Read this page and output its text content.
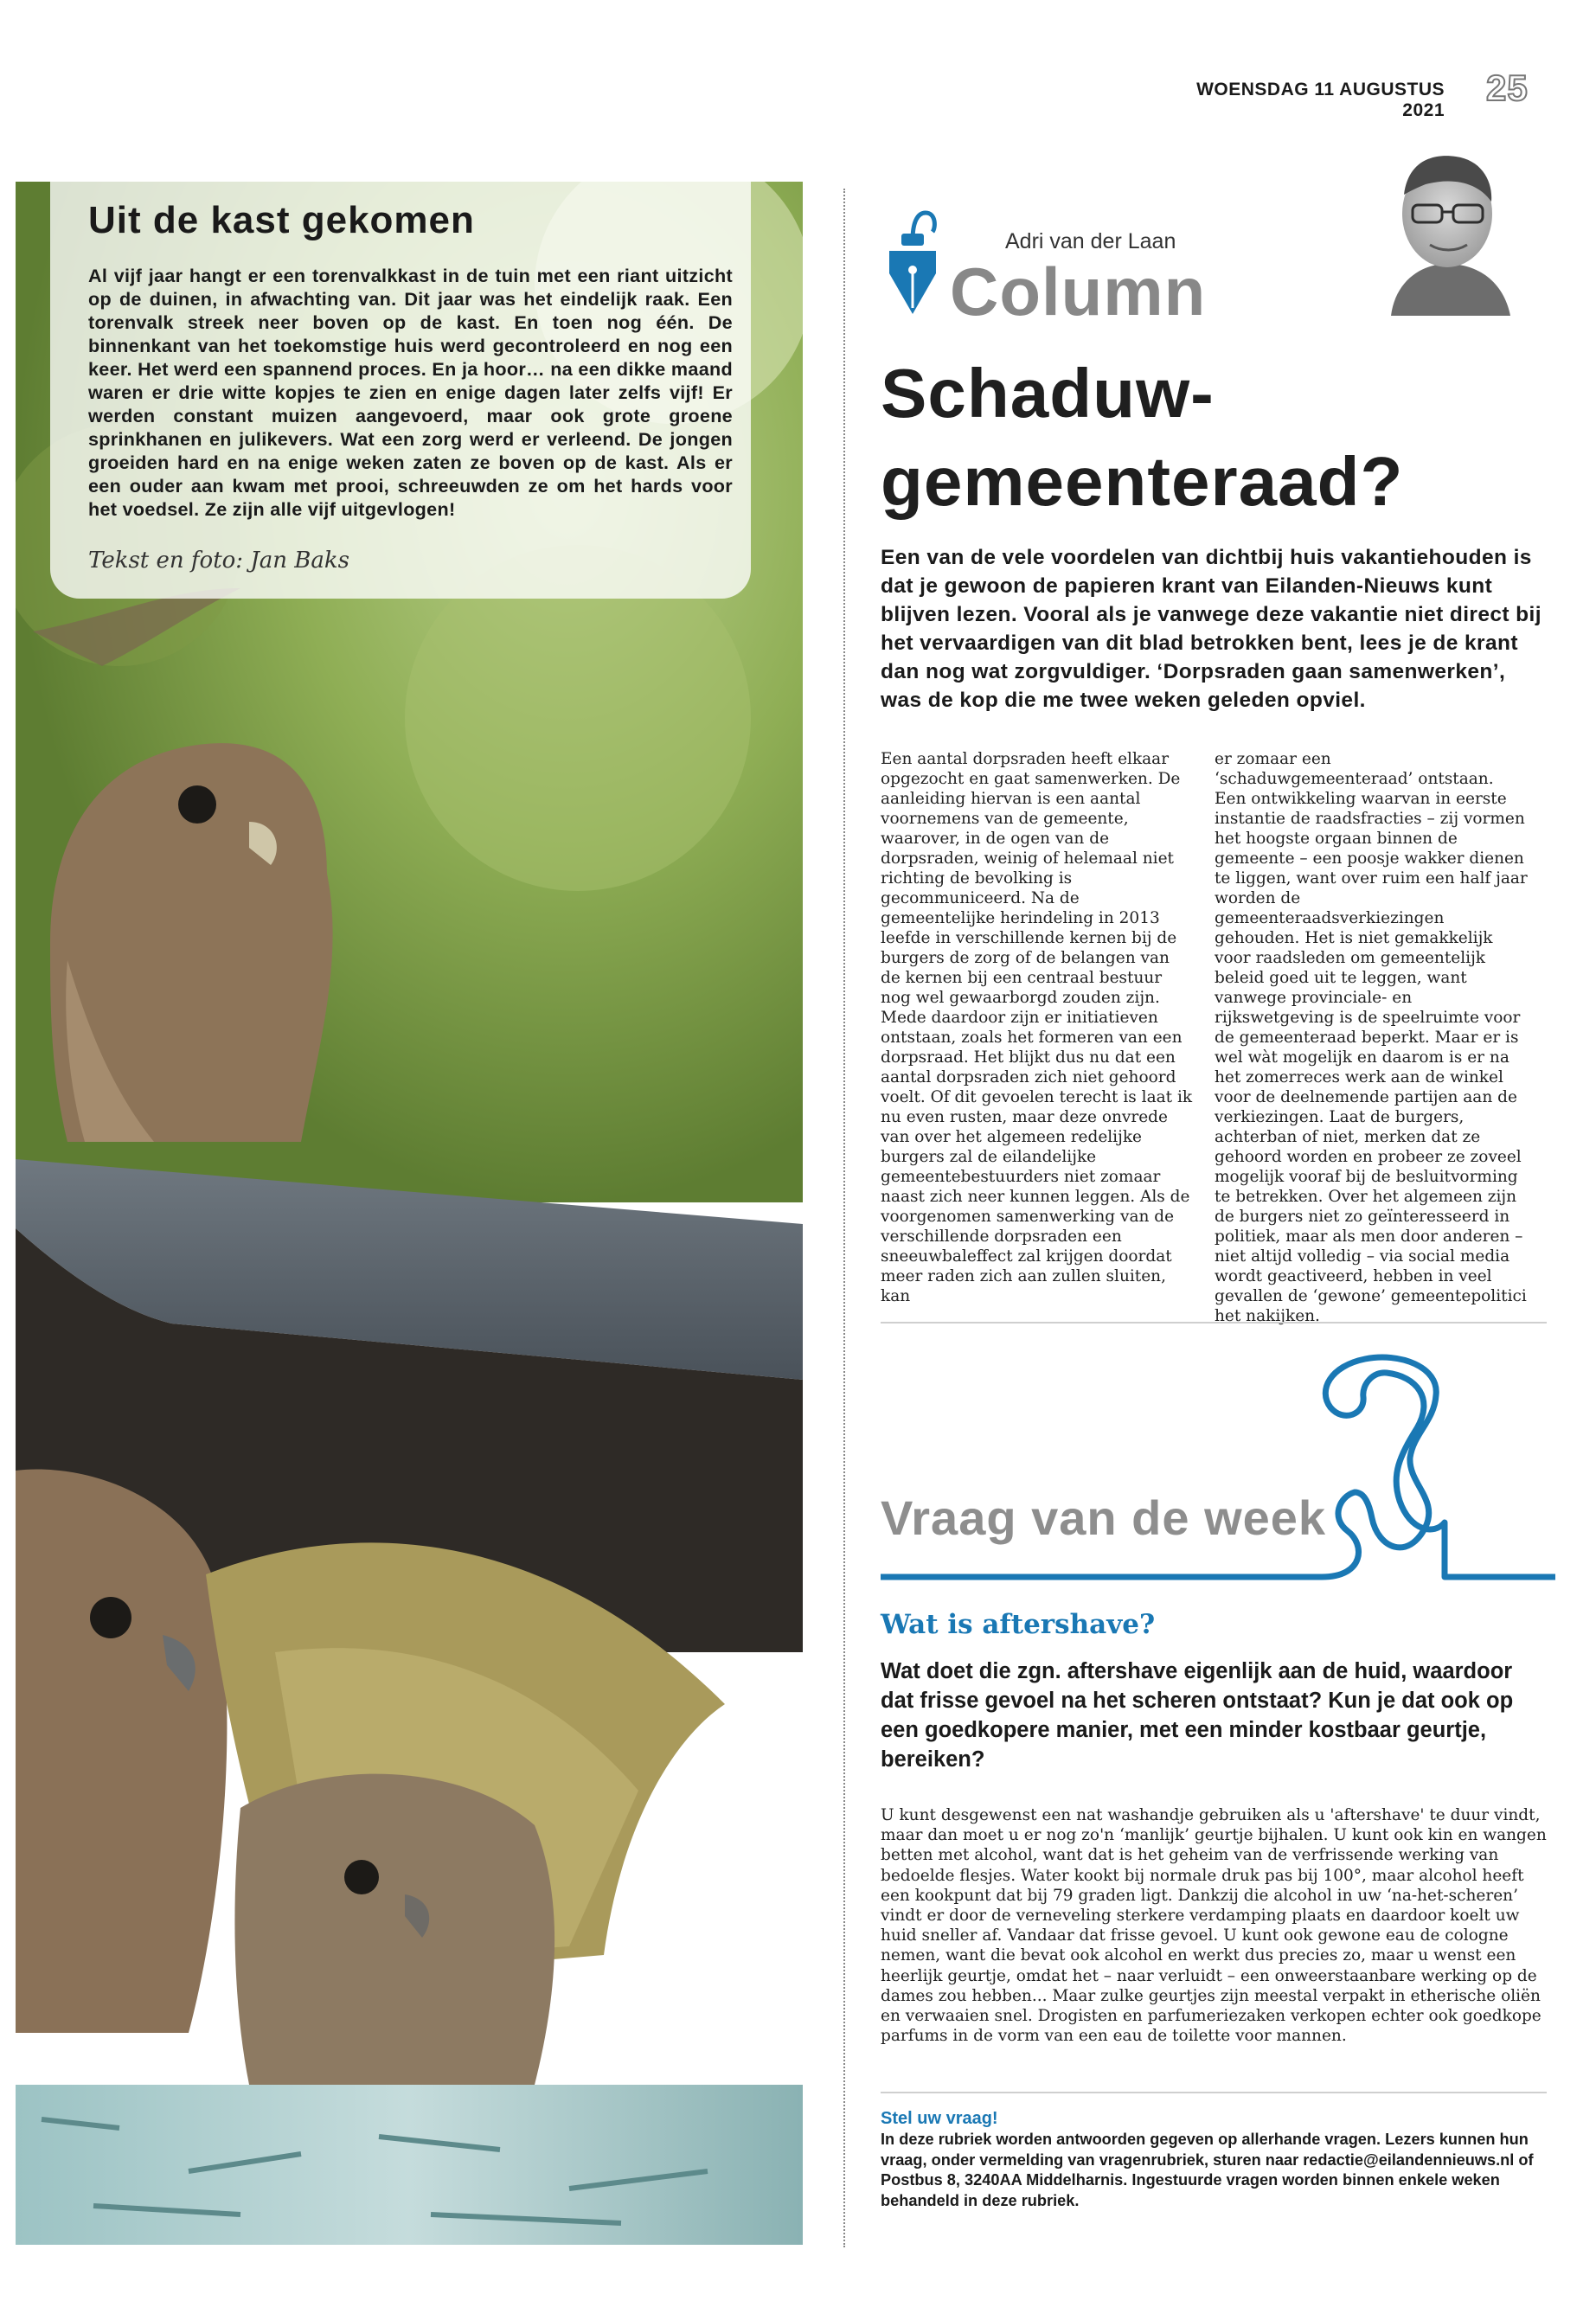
WOENSDAG 11 AUGUSTUS 2021
25
Uit de kast gekomen

Al vijf jaar hangt er een torenvalkkast in de tuin met een riant uitzicht op de duinen, in afwachting van. Dit jaar was het eindelijk raak. Een torenvalk streek neer boven op de kast. En toen nog één. De binnenkant van het toekomstige huis werd gecontroleerd en nog een keer. Het werd een spannend proces. En ja hoor… na een dikke maand waren er drie witte kopjes te zien en enige dagen later zelfs vijf! Er werden constant muizen aangevoerd, maar ook grote groene sprinkhanen en julikevers. Wat een zorg werd er verleend. De jongen groeiden hard en na enige weken zaten ze boven op de kast. Als er een ouder aan kwam met prooi, schreeuwden ze om het hards voor het voedsel. Ze zijn alle vijf uitgevlogen!

Tekst en foto: Jan Baks
Adri van der Laan
Column
Schaduw-
gemeenteraad?

Een van de vele voordelen van dichtbij huis vakantiehouden is dat je gewoon de papieren krant van Eilanden-Nieuws kunt blijven lezen. Vooral als je vanwege deze vakantie niet direct bij het vervaardigen van dit blad betrokken bent, lees je de krant dan nog wat zorgvuldiger. ‘Dorpsraden gaan samenwerken’, was de kop die me twee weken geleden opviel.

Een aantal dorpsraden heeft elkaar opgezocht en gaat samenwerken. De aanleiding hiervan is een aantal voornemens van de gemeente, waarover, in de ogen van de dorpsraden, weinig of helemaal niet richting de bevolking is gecommuniceerd. Na de gemeentelijke herindeling in 2013 leefde in verschillende kernen bij de burgers de zorg of de belangen van de kernen bij een centraal bestuur nog wel gewaarborgd zouden zijn. Mede daardoor zijn er initiatieven ontstaan, zoals het formeren van een dorpsraad. Het blijkt dus nu dat een aantal dorpsraden zich niet gehoord voelt. Of dit gevoelen terecht is laat ik nu even rusten, maar deze onvrede van over het algemeen redelijke burgers zal de eilandelijke gemeentebestuurders niet zomaar naast zich neer kunnen leggen. Als de voorgenomen samenwerking van de verschillende dorpsraden een sneeuwbaleffect zal krijgen doordat meer raden zich aan zullen sluiten, kan

er zomaar een ‘schaduwgemeenteraad’ ontstaan. Een ontwikkeling waarvan in eerste instantie de raadsfracties – zij vormen het hoogste orgaan binnen de gemeente – een poosje wakker dienen te liggen, want over ruim een half jaar worden de gemeenteraadsverkiezingen gehouden. Het is niet gemakkelijk voor raadsleden om gemeentelijk beleid goed uit te leggen, want vanwege provinciale- en rijkswetgeving is de speelruimte voor de gemeenteraad beperkt. Maar er is wel wàt mogelijk en daarom is er na het zomerreces werk aan de winkel voor de deelnemende partijen aan de verkiezingen. Laat de burgers, achterban of niet, merken dat ze gehoord worden en probeer ze zoveel mogelijk vooraf bij de besluitvorming te betrekken. Over het algemeen zijn de burgers niet zo geïnteresseerd in politiek, maar als men door anderen – niet altijd volledig – via social media wordt geactiveerd, hebben in veel gevallen de ‘gewone’ gemeentepolitici het nakijken.

Vraag van de week
Wat is aftershave?

Wat doet die zgn. aftershave eigenlijk aan de huid, waardoor dat frisse gevoel na het scheren ontstaat? Kun je dat ook op een goedkopere manier, met een minder kostbaar geurtje, bereiken?

U kunt desgewenst een nat washandje gebruiken als u 'aftershave' te duur vindt, maar dan moet u er nog zo'n ‘manlijk’ geurtje bijhalen. U kunt ook kin en wangen betten met alcohol, want dat is het geheim van de verfrissende werking van bedoelde flesjes. Water kookt bij normale druk pas bij 100°, maar alcohol heeft een kookpunt dat bij 79 graden ligt. Dankzij die alcohol in uw ‘na-het-scheren’ vindt er door de verneveling sterkere verdamping plaats en daardoor koelt uw huid sneller af. Vandaar dat frisse gevoel. U kunt ook gewone eau de cologne nemen, want die bevat ook alcohol en werkt dus precies zo, maar u wenst een heerlijk geurtje, omdat het – naar verluidt – een onweerstaanbare werking op de dames zou hebben... Maar zulke geurtjes zijn meestal verpakt in etherische oliën en verwaaien snel. Drogisten en parfumeriezaken verkopen echter ook goedkope parfums in de vorm van een eau de toilette voor mannen.

Stel uw vraag!

In deze rubriek worden antwoorden gegeven op allerhande vragen. Lezers kunnen hun vraag, onder vermelding van vragenrubriek, sturen naar redactie@eilandennieuws.nl of Postbus 8, 3240AA Middelharnis. Ingestuurde vragen worden binnen enkele weken behandeld in deze rubriek.
